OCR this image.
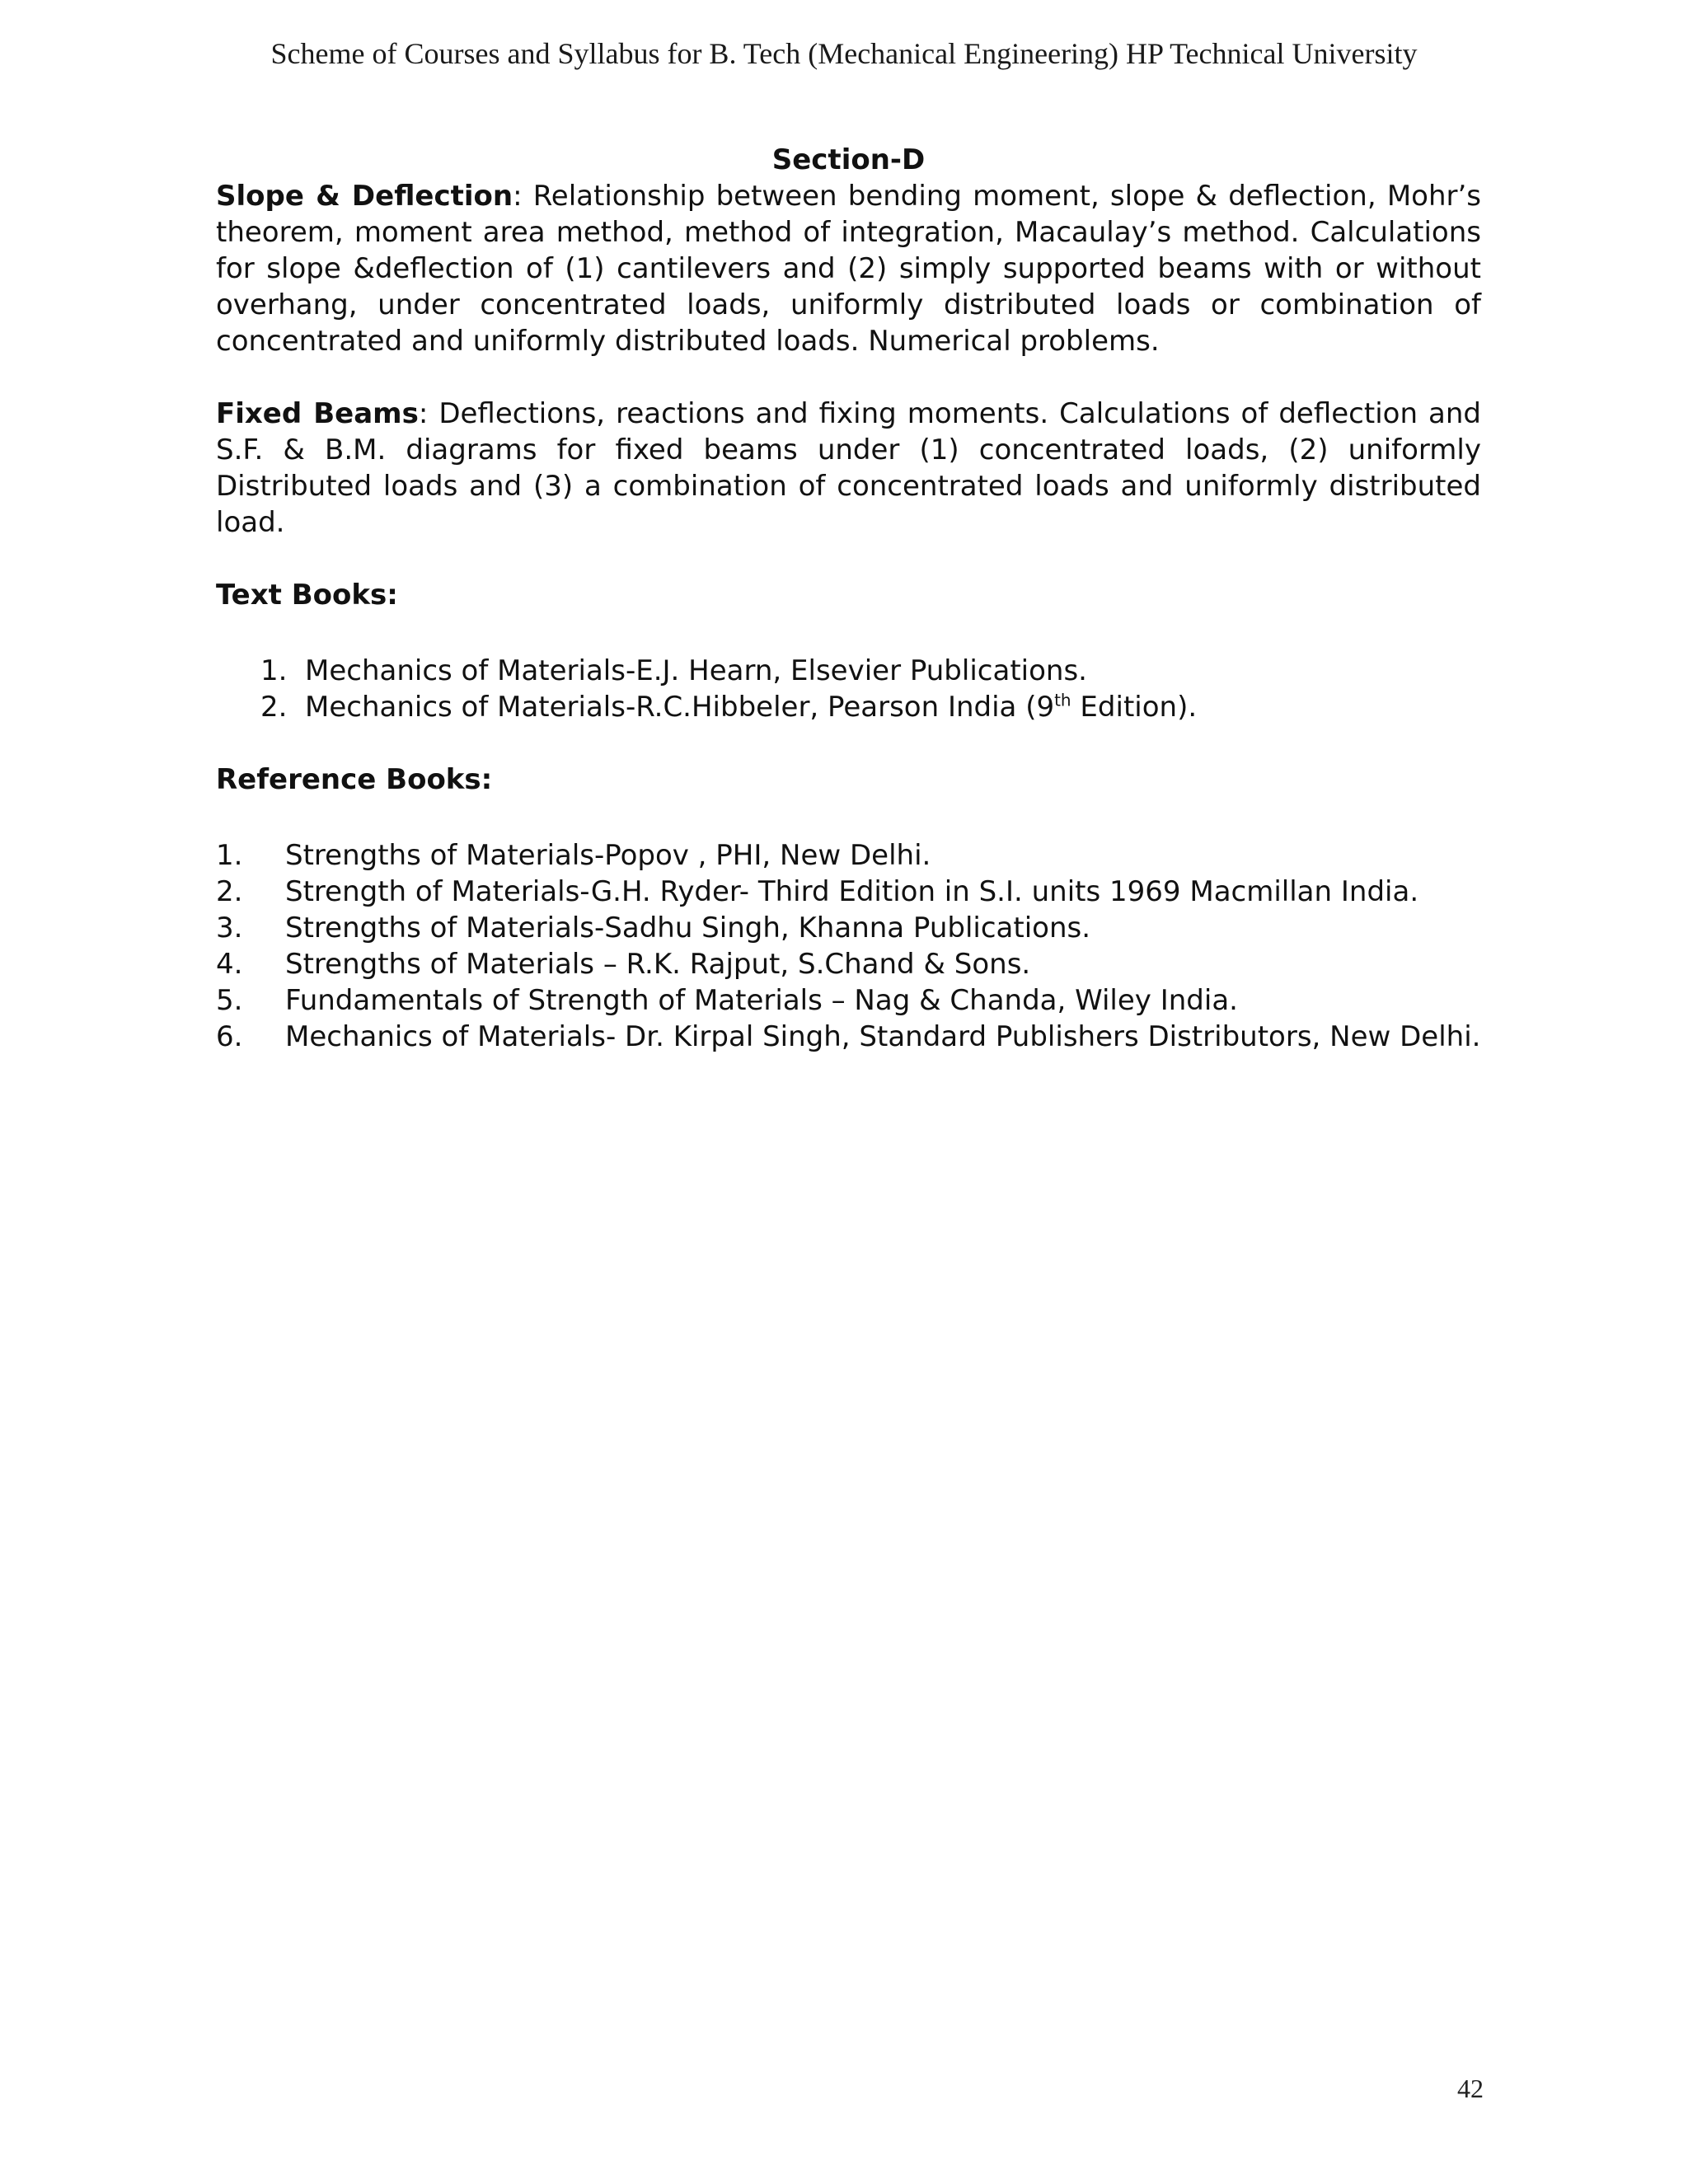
Scheme of Courses and Syllabus for B. Tech (Mechanical Engineering) HP Technical University
Section-D

Slope & Deflection: Relationship between bending moment, slope & deflection, Mohr’s theorem, moment area method, method of integration, Macaulay’s method. Calculations for slope &deflection of (1) cantilevers and (2) simply supported beams with or without overhang, under concentrated loads, uniformly distributed loads or combination of concentrated and uniformly distributed loads. Numerical problems.

Fixed Beams: Deflections, reactions and fixing moments. Calculations of deflection and S.F. & B.M. diagrams for fixed beams under (1) concentrated loads, (2) uniformly Distributed loads and (3) a combination of concentrated loads and uniformly distributed load.

Text Books:
1. Mechanics of Materials-E.J. Hearn, Elsevier Publications.
2. Mechanics of Materials-R.C.Hibbeler, Pearson India (9th Edition).
Reference Books:
1.	Strengths of Materials-Popov , PHI, New Delhi.
2.	Strength of Materials-G.H. Ryder- Third Edition in S.I. units 1969 Macmillan India.
3.	Strengths of Materials-Sadhu Singh, Khanna Publications.
4.	Strengths of Materials – R.K. Rajput, S.Chand & Sons.
5.	Fundamentals of Strength of Materials – Nag & Chanda, Wiley India.
6.	Mechanics of Materials- Dr. Kirpal Singh, Standard Publishers Distributors, New Delhi.
42
